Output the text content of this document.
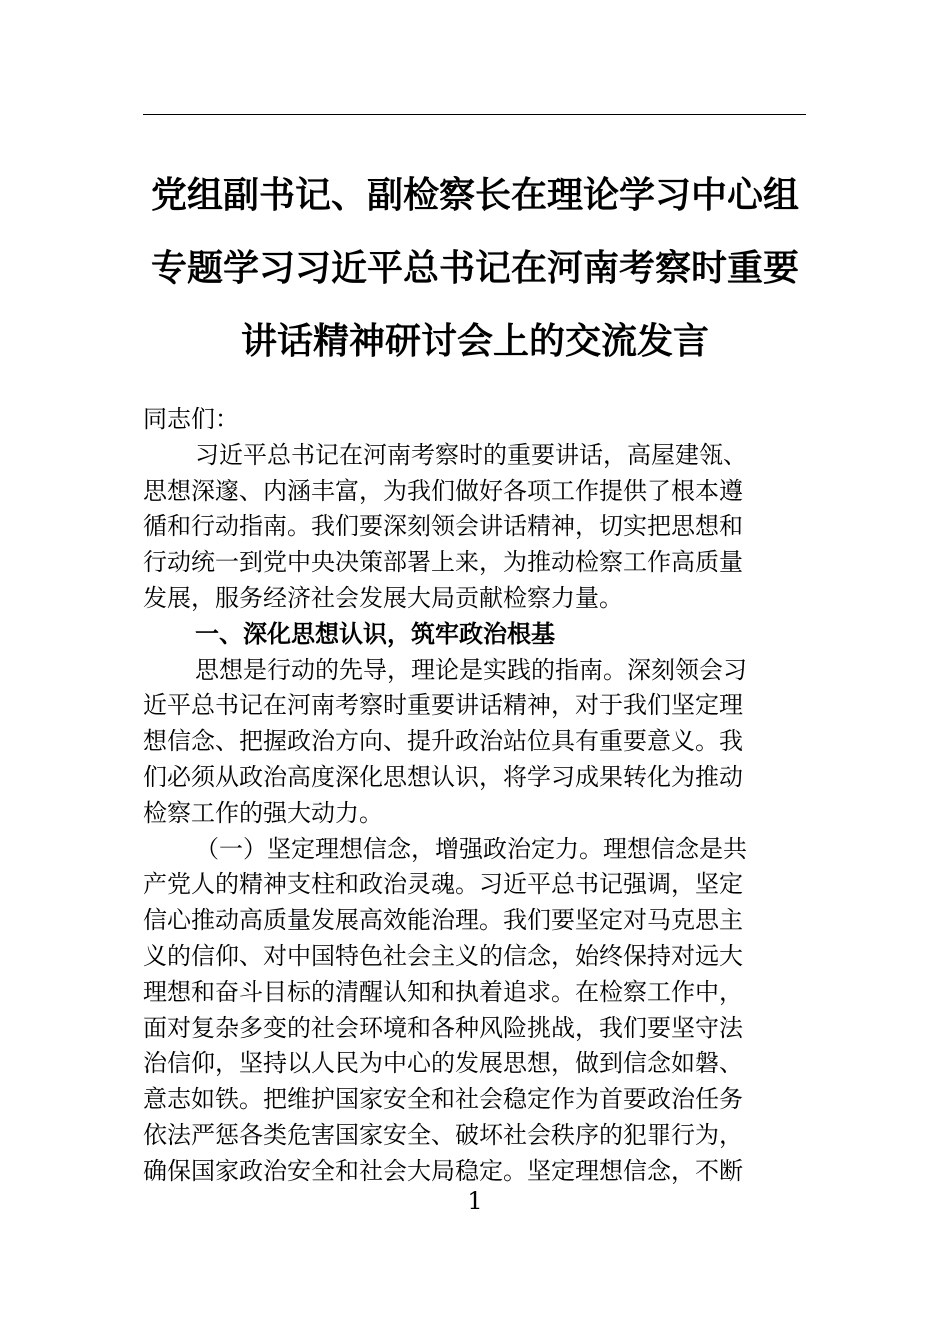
党组副书记、副检察长在理论学习中心组
专题学习习近平总书记在河南考察时重要
讲话精神研讨会上的交流发言
同志们：
习近平总书记在河南考察时的重要讲话，高屋建瓴、
思想深邃、内涵丰富，为我们做好各项工作提供了根本遵
循和行动指南。我们要深刻领会讲话精神，切实把思想和
行动统一到党中央决策部署上来，为推动检察工作高质量
发展，服务经济社会发展大局贡献检察力量。
一、深化思想认识，筑牢政治根基
思想是行动的先导，理论是实践的指南。深刻领会习
近平总书记在河南考察时重要讲话精神，对于我们坚定理
想信念、把握政治方向、提升政治站位具有重要意义。我
们必须从政治高度深化思想认识，将学习成果转化为推动
检察工作的强大动力。
（一）坚定理想信念，增强政治定力。理想信念是共
产党人的精神支柱和政治灵魂。习近平总书记强调，坚定
信心推动高质量发展高效能治理。我们要坚定对马克思主
义的信仰、对中国特色社会主义的信念，始终保持对远大
理想和奋斗目标的清醒认知和执着追求。在检察工作中，
面对复杂多变的社会环境和各种风险挑战，我们要坚守法
治信仰，坚持以人民为中心的发展思想，做到信念如磐、
意志如铁。把维护国家安全和社会稳定作为首要政治任务
依法严惩各类危害国家安全、破坏社会秩序的犯罪行为，
确保国家政治安全和社会大局稳定。坚定理想信念，不断
1
